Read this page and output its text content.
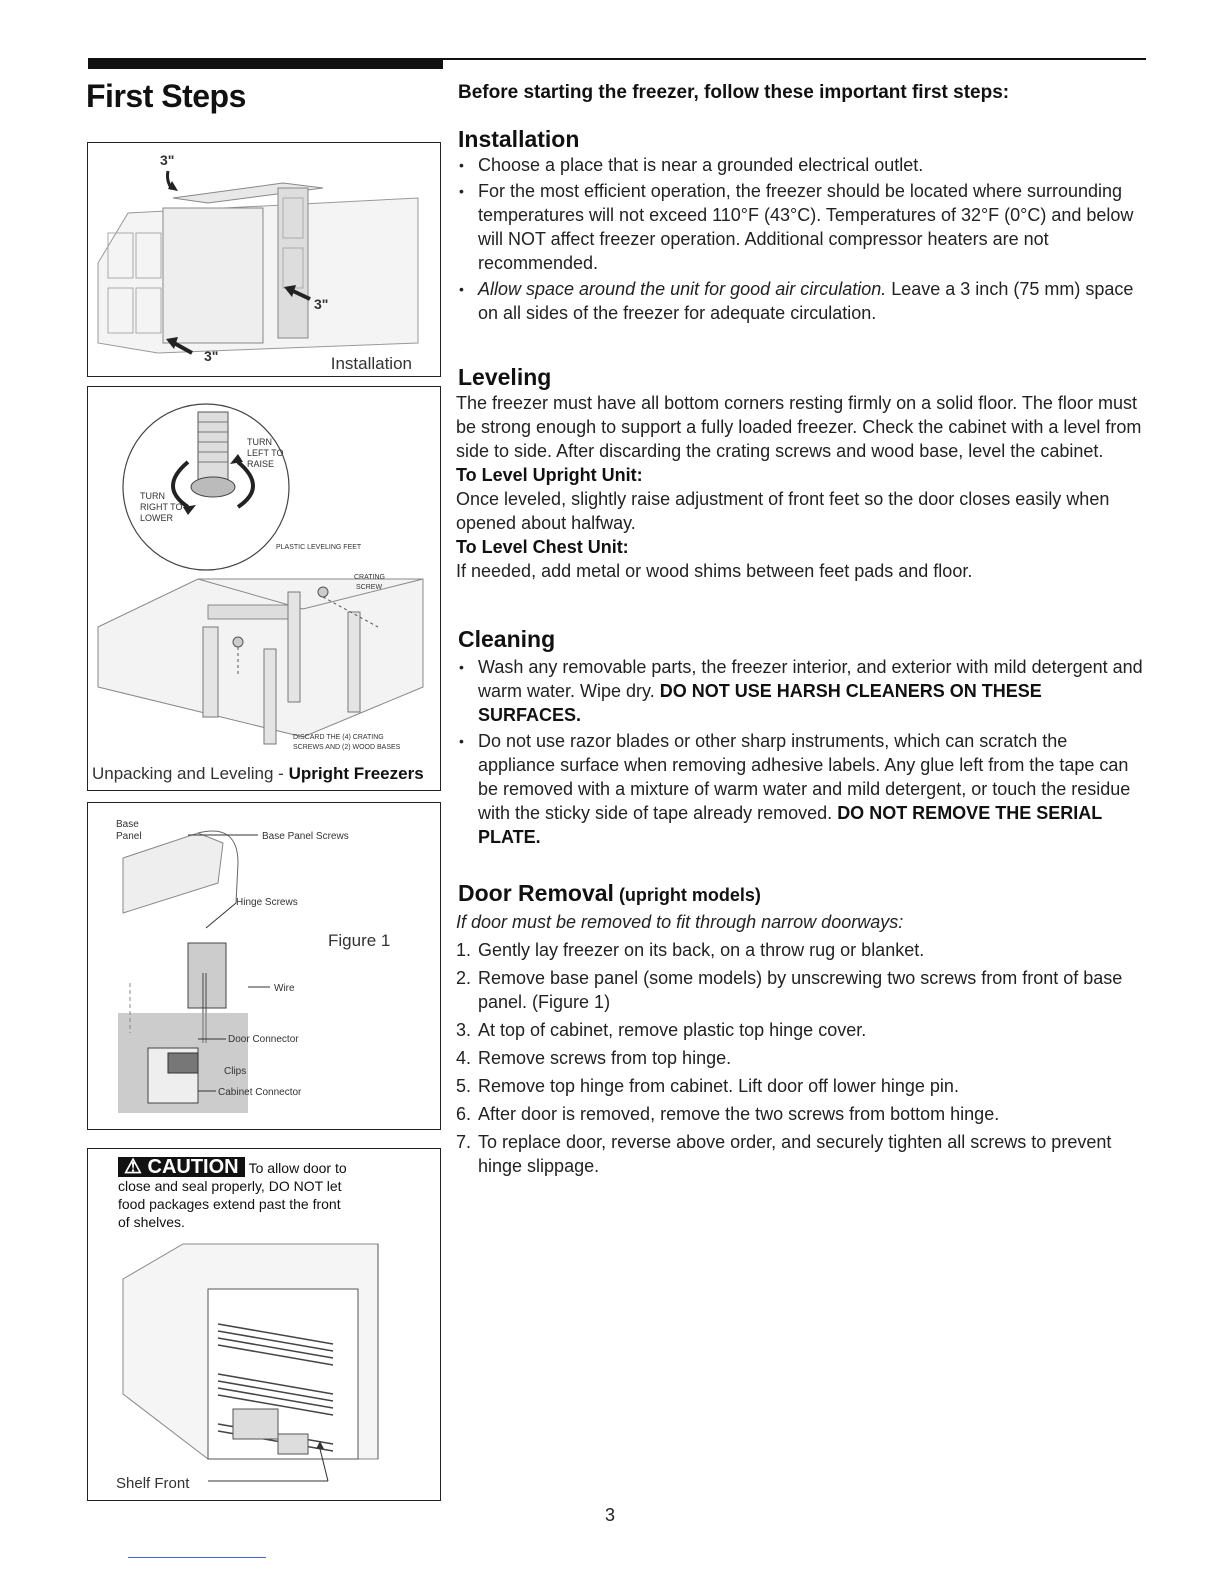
First Steps
3"
3"
3"	Installation
TURN
LEFT TO
RAISE
TURN
RIGHT TO
LOWER
PLASTIC LEVELING FEET
CRATING
SCREW
DISCARD THE (4) CRATING
SCREWS AND (2) WOOD BASES
Unpacking and Leveling - Upright Freezers
Base
Panel	Base Panel Screws
Hinge Screws
Wire
Door Connector
Clips
Cabinet Connector
Figure 1
⚠ CAUTION To allow door to
close and seal properly, DO NOT let
food packages extend past the front
of shelves.
Shelf Front
Before starting the freezer, follow these important first steps:
Installation
• Choose a place that is near a grounded electrical outlet.
• For the most efficient operation, the freezer should be located where surrounding temperatures will not exceed 110°F (43°C). Temperatures of 32°F (0°C) and below will NOT affect freezer operation. Additional compressor heaters are not recommended.
• Allow space around the unit for good air circulation. Leave a 3 inch (75 mm) space
on all sides of the freezer for adequate circulation.
Leveling
The freezer must have all bottom corners resting firmly on a solid floor. The floor must be strong enough to support a fully loaded freezer. Check the cabinet with a level from side to side. After discarding the crating screws and wood base, level the cabinet.
To Level Upright Unit:
Once leveled, slightly raise adjustment of front feet so the door closes easily when opened about halfway.
To Level Chest Unit:
If needed, add metal or wood shims between feet pads and floor.
Cleaning
• Wash any removable parts, the freezer interior, and exterior with mild detergent and warm water. Wipe dry. DO NOT USE HARSH CLEANERS ON THESE SURFACES.
• Do not use razor blades or other sharp instruments, which can scratch the appliance surface when removing adhesive labels. Any glue left from the tape can be removed with a mixture of warm water and mild detergent, or touch the residue with the sticky side of tape already removed. DO NOT REMOVE THE SERIAL PLATE.
Door Removal (upright models)
If door must be removed to fit through narrow doorways:
1. Gently lay freezer on its back, on a throw rug or blanket.
2. Remove base panel (some models) by unscrewing two screws from front of base panel. (Figure 1)
3. At top of cabinet, remove plastic top hinge cover.
4. Remove screws from top hinge.
5. Remove top hinge from cabinet. Lift door off lower hinge pin.
6. After door is removed, remove the two screws from bottom hinge.
7. To replace door, reverse above order, and securely tighten all screws to prevent hinge slippage.
3
